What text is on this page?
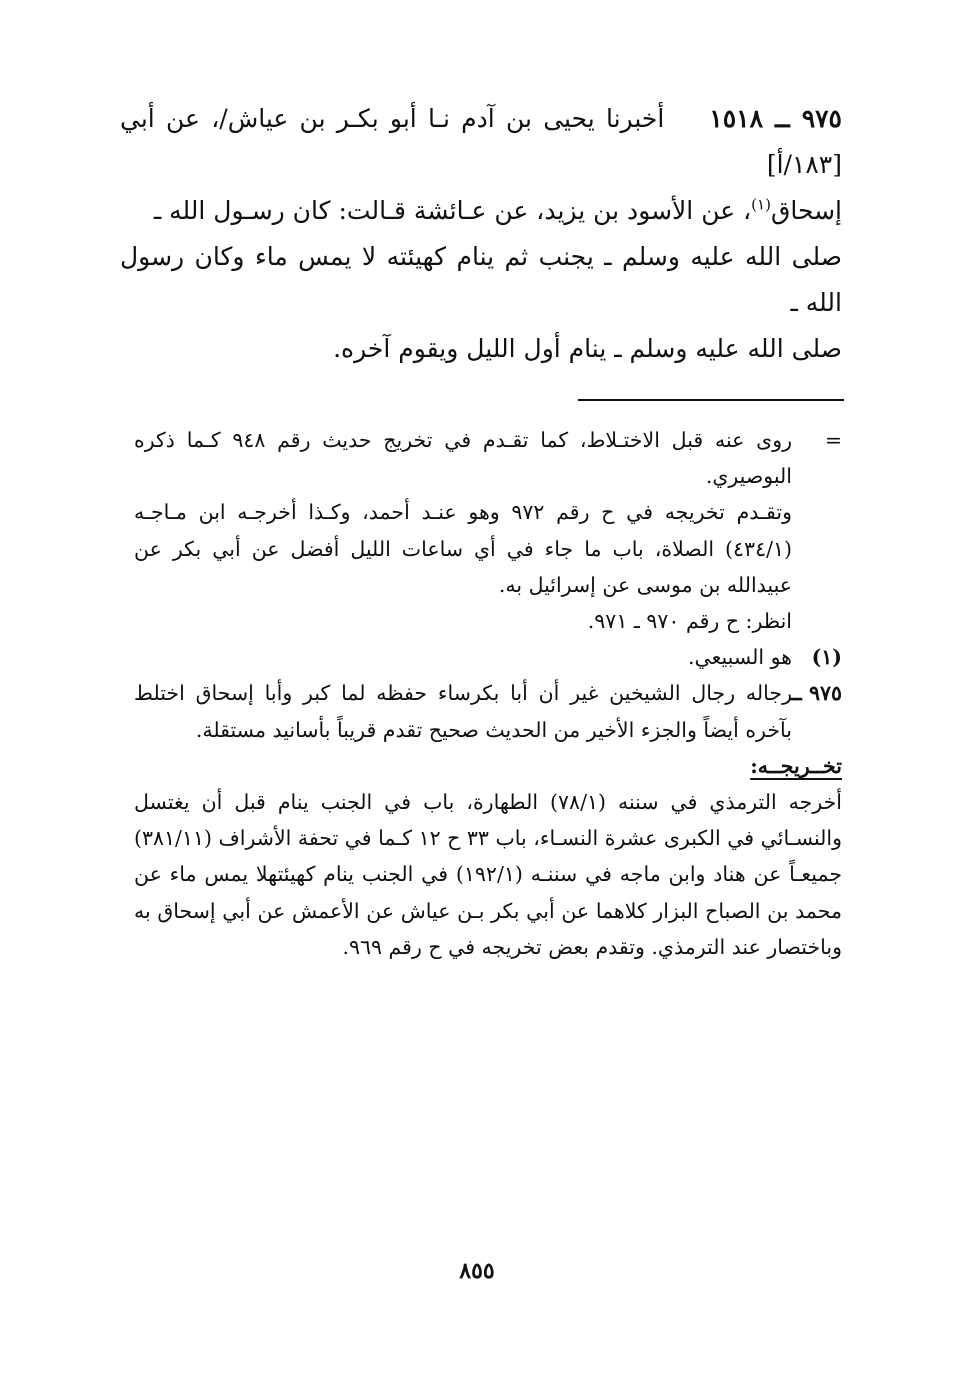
٩٧٥ ــ ١٥١٨    أخبرنا يحيى بن آدم نـا أبو بكـر بن عياش/، عن أبي [١٨٣/أ]

إسحاق$^{(١)}$، عن الأسود بن يزيد، عن عـائشة قـالت: كان رسـول الله ـ

صلى الله عليه وسلم ـ يجنب ثم ينام كهيئته لا يمس ماء وكان رسول الله ـ

صلى الله عليه وسلم ـ ينام أول الليل ويقوم آخره.

=

روى عنه قبل الاختـلاط، كما تقـدم في تخريج حديث رقم ٩٤٨ كـما ذكره البوصيري.

وتقـدم تخريجه في ح رقم ٩٧٢ وهو عنـد أحمد، وكـذا أخرجـه ابن مـاجـه (٤٣٤/١) الصلاة، باب ما جاء في أي ساعات الليل أفضل عن أبي بكر عن عبيدالله بن موسى عن إسرائيل به.

انظر: ح رقم ٩٧٠ ـ ٩٧١.

(١)

هو السبيعي.

٩٧٥ ــ

رجاله رجال الشيخين غير أن أبا بكرساء حفظه لما كبر وأبا إسحاق اختلط بآخره أيضاً والجزء الأخير من الحديث صحيح تقدم قريباً بأسانيد مستقلة.

تخــريجــه:

أخرجه الترمذي في سننه (٧٨/١) الطهارة، باب في الجنب ينام قبل أن يغتسل والنسـائي في الكبرى عشرة النسـاء، باب ٣٣ ح ١٢ كـما في تحفة الأشراف (٣٨١/١١) جميعـاً عن هناد وابن ماجه في سننـه (١٩٢/١) في الجنب ينام كهيئتهلا يمس ماء عن محمد بن الصباح البزار كلاهما عن أبي بكر بـن عياش عن الأعمش عن أبي إسحاق به وباختصار عند الترمذي. وتقدم بعض تخريجه في ح رقم ٩٦٩.

٨٥٥
